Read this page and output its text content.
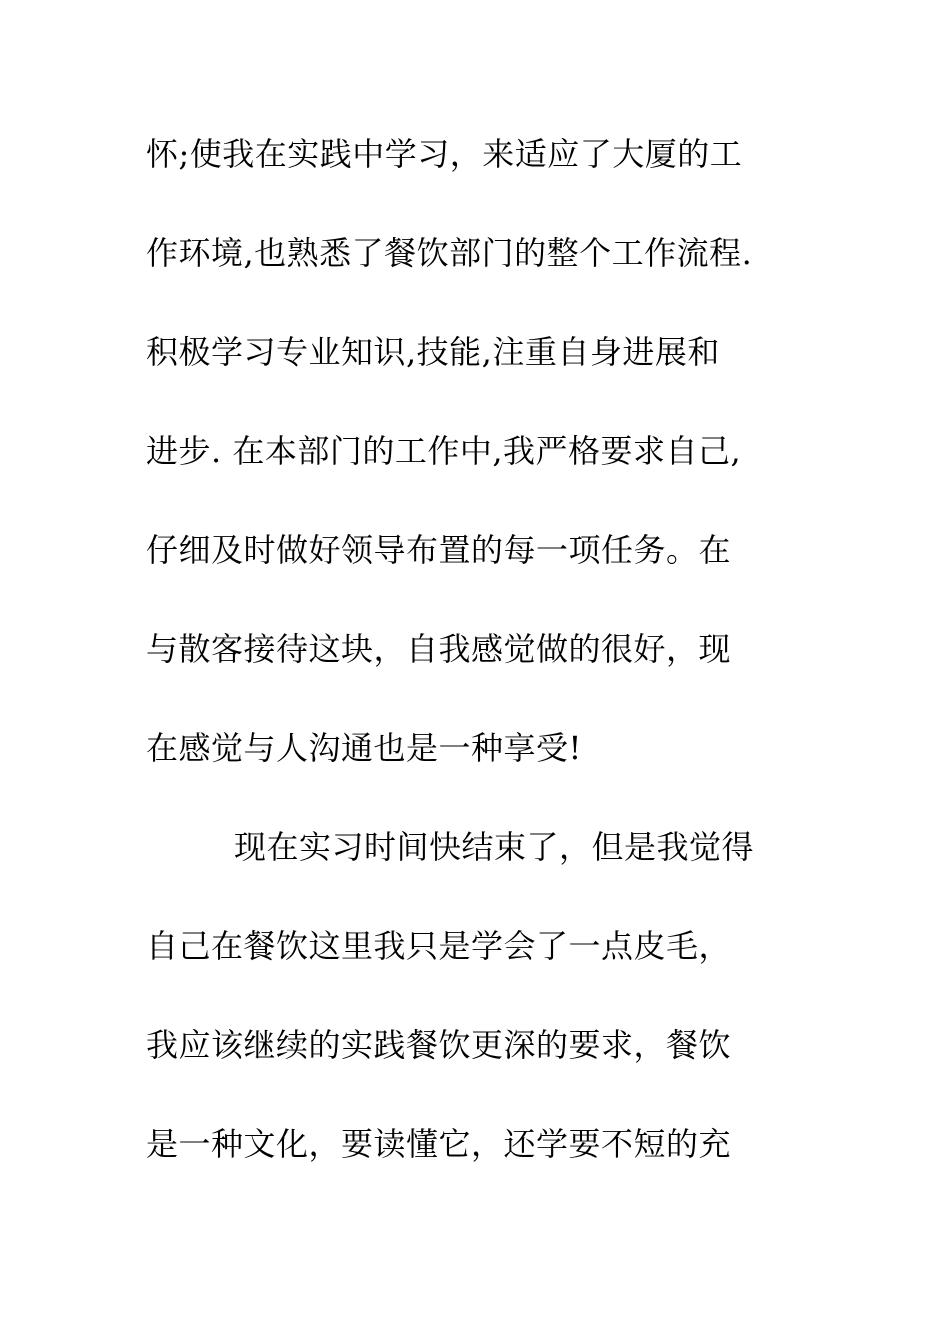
怀;使我在实践中学习，来适应了大厦的工
作环境,也熟悉了餐饮部门的整个工作流程.
积极学习专业知识,技能,注重自身进展和
进步. 在本部门的工作中,我严格要求自己,
仔细及时做好领导布置的每一项任务。在
与散客接待这块，自我感觉做的很好，现
在感觉与人沟通也是一种享受!
现在实习时间快结束了，但是我觉得
自己在餐饮这里我只是学会了一点皮毛，
我应该继续的实践餐饮更深的要求，餐饮
是一种文化，要读懂它，还学要不短的充
